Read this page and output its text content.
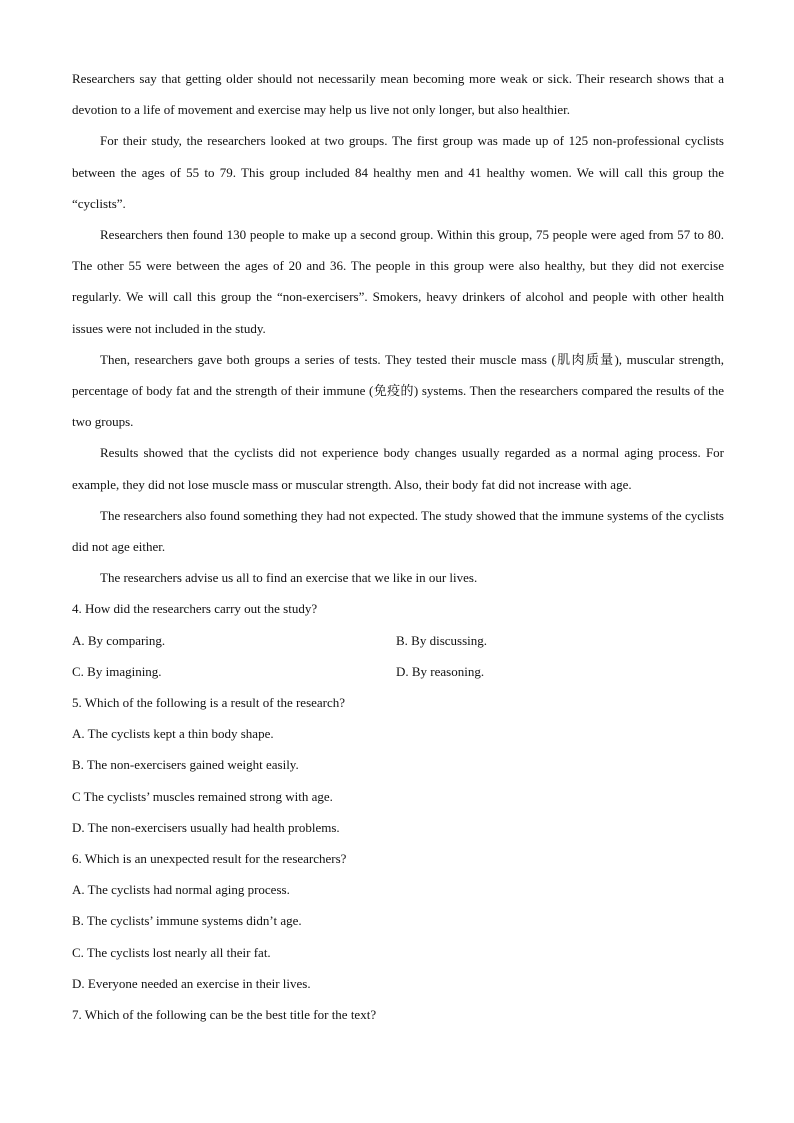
Researchers say that getting older should not necessarily mean becoming more weak or sick. Their research shows that a devotion to a life of movement and exercise may help us live not only longer, but also healthier.

For their study, the researchers looked at two groups. The first group was made up of 125 non-professional cyclists between the ages of 55 to 79. This group included 84 healthy men and 41 healthy women. We will call this group the “cyclists”.

Researchers then found 130 people to make up a second group. Within this group, 75 people were aged from 57 to 80. The other 55 were between the ages of 20 and 36. The people in this group were also healthy, but they did not exercise regularly. We will call this group the “non-exercisers”. Smokers, heavy drinkers of alcohol and people with other health issues were not included in the study.

Then, researchers gave both groups a series of tests. They tested their muscle mass (肌肉质量), muscular strength, percentage of body fat and the strength of their immune (免疫的) systems. Then the researchers compared the results of the two groups.

Results showed that the cyclists did not experience body changes usually regarded as a normal aging process. For example, they did not lose muscle mass or muscular strength. Also, their body fat did not increase with age.

The researchers also found something they had not expected. The study showed that the immune systems of the cyclists did not age either.

The researchers advise us all to find an exercise that we like in our lives.

4. How did the researchers carry out the study?

A. By comparing.	B. By discussing.
C. By imagining.	D. By reasoning.

5. Which of the following is a result of the research?

A. The cyclists kept a thin body shape.

B. The non-exercisers gained weight easily.

C The cyclists’ muscles remained strong with age.

D. The non-exercisers usually had health problems.

6. Which is an unexpected result for the researchers?

A. The cyclists had normal aging process.

B. The cyclists’ immune systems didn’t age.

C. The cyclists lost nearly all their fat.

D. Everyone needed an exercise in their lives.

7. Which of the following can be the best title for the text?
